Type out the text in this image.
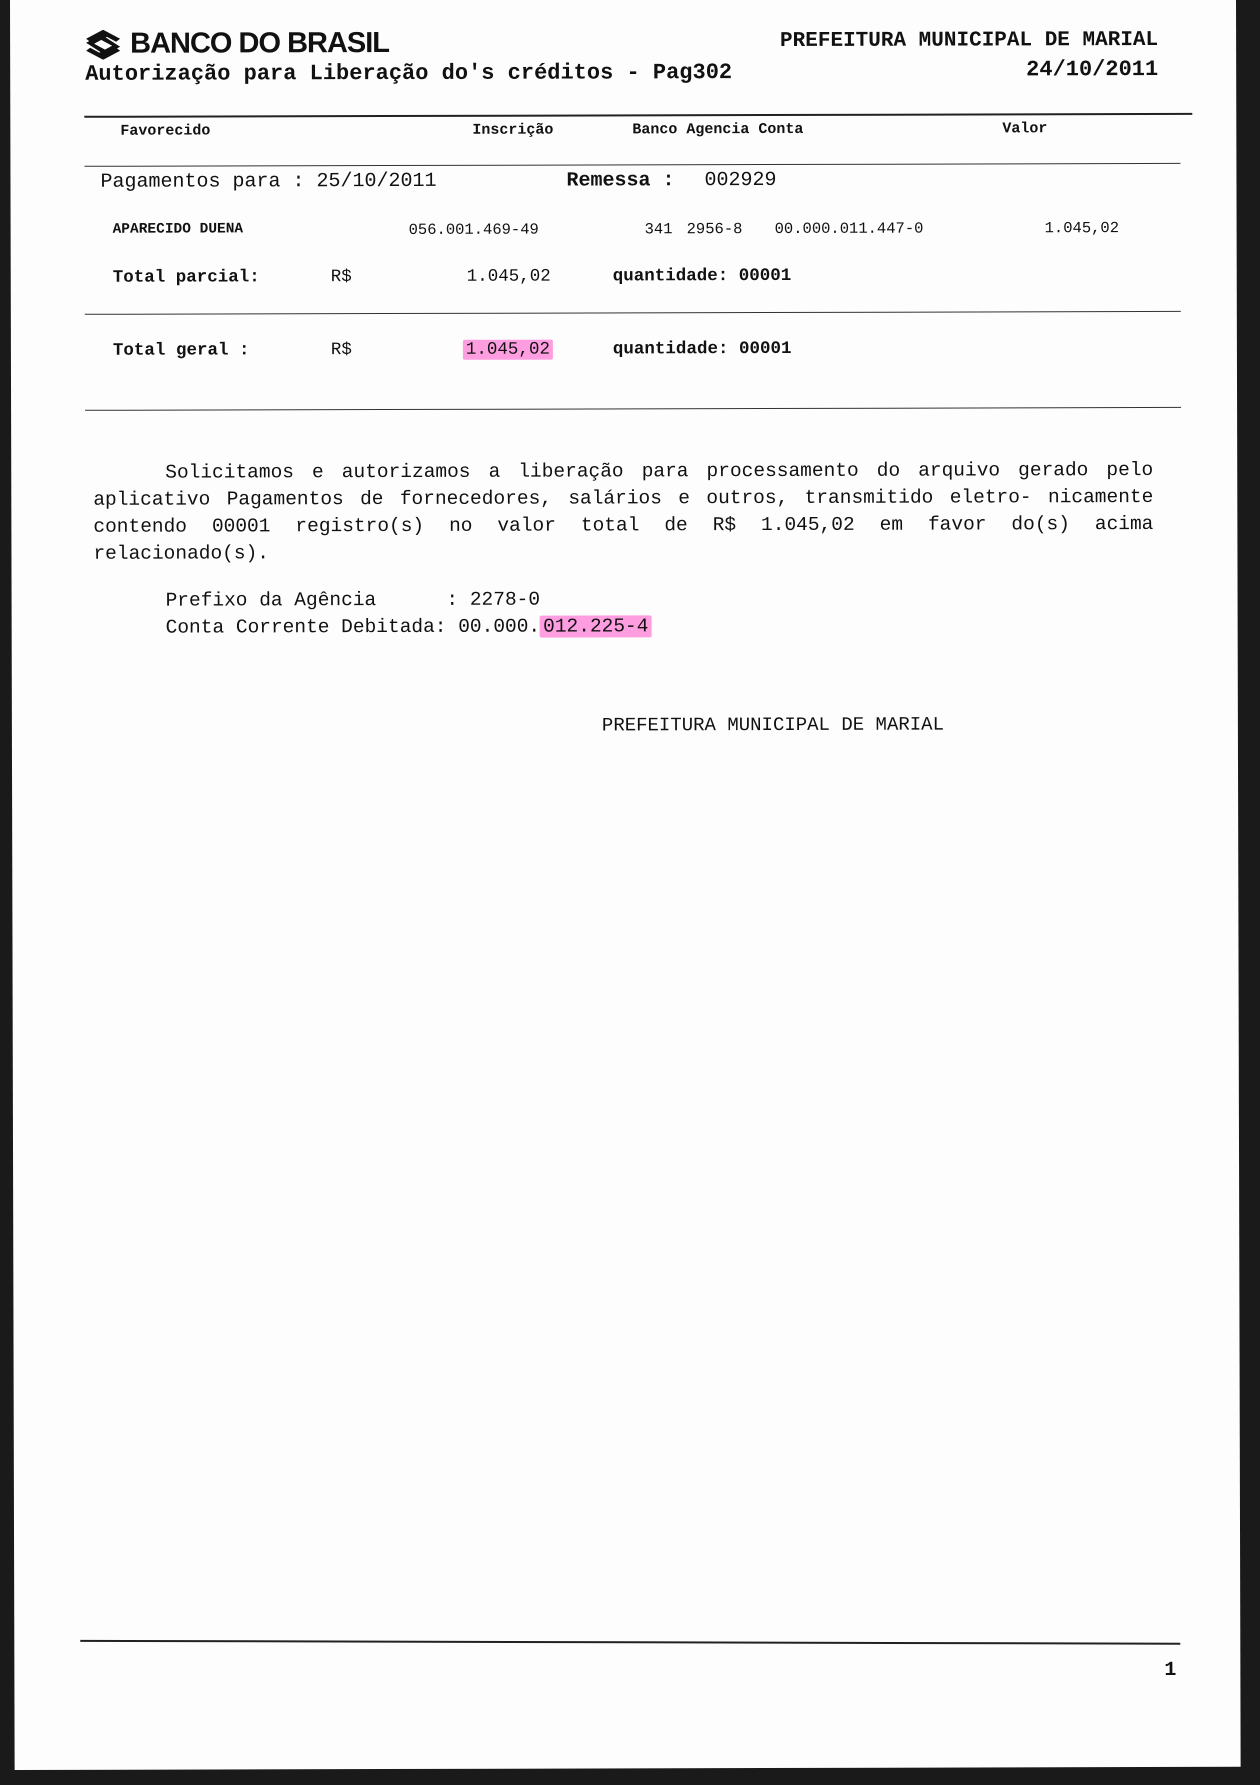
BANCO DO BRASIL
Autorização para Liberação do's créditos - Pag302
PREFEITURA MUNICIPAL DE MARIAL
24/10/2011
Favorecido	Inscrição	Banco Agencia Conta	Valor
Pagamentos para : 25/10/2011	Remessa : 002929
APARECIDO DUENA	056.001.469-49	341 2956-8 00.000.011.447-0	1.045,02
Total parcial:	R$	1.045,02	quantidade: 00001
Total geral :	R$	1.045,02	quantidade: 00001

Solicitamos e autorizamos a liberação para processamento do arquivo gerado pelo aplicativo Pagamentos de fornecedores, salários e outros, transmitido eletro- nicamente contendo 00001 registro(s) no valor total de R$ 1.045,02 em favor do(s) acima relacionado(s).

Prefixo da Agência      : 2278-0
Conta Corrente Debitada: 00.000. 012.225-4
PREFEITURA MUNICIPAL DE MARIAL
1
